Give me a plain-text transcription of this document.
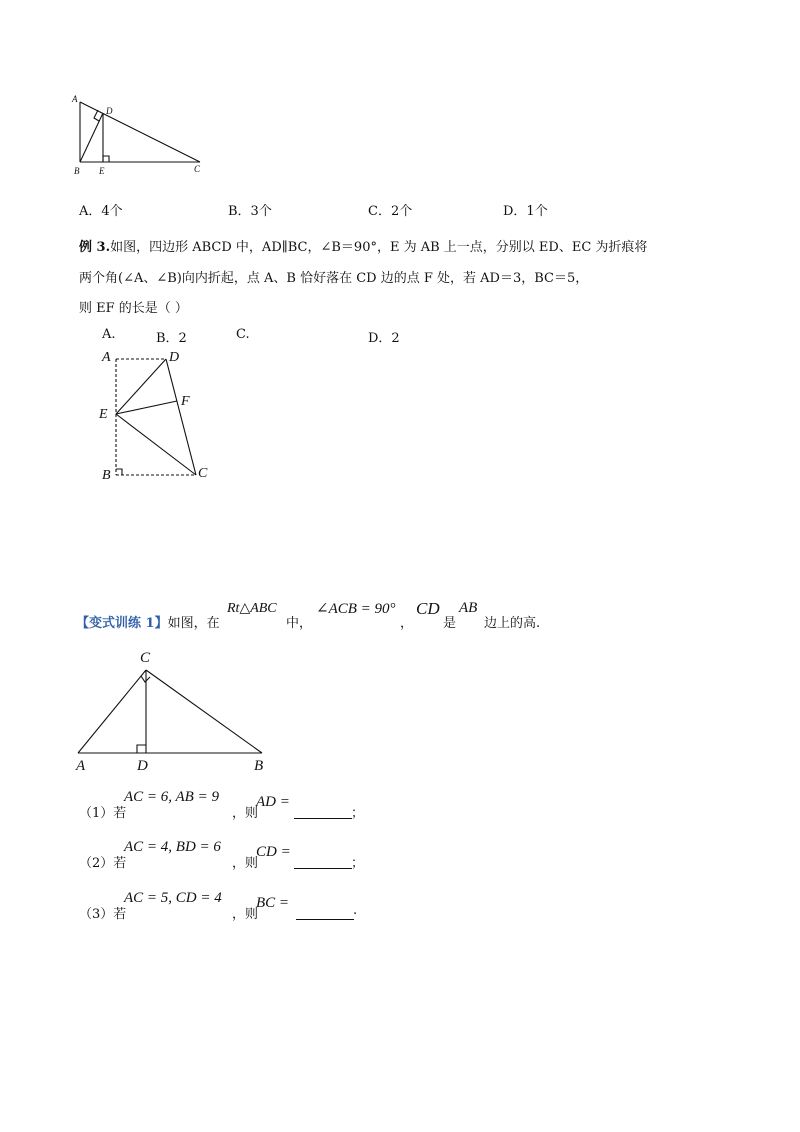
A
D
B E	C
A．4个	B．3个	C．2个	D．1个
例 3.如图，四边形 ABCD 中，AD∥BC，∠B＝90°，E 为 AB 上一点，分别以 ED、EC 为折痕将
两个角(∠A、∠B)向内折起，点 A、B 恰好落在 CD 边的点 F 处，若 AD＝3，BC＝5，
则 EF 的长是（ ）
A.	B．2	C.	D．2
A	D
E
F
B	C
【变式训练 1】如图，在
Rt△ABC
中，
∠ACB = 90°
，
CD
是
AB
边上的高.
C
A	D	B
（1）若
AC = 6, AB = 9
，则
AD =
；
（2）若
AC = 4, BD = 6
，则
CD =
；
（3）若
AC = 5, CD = 4
，则
BC =	.
